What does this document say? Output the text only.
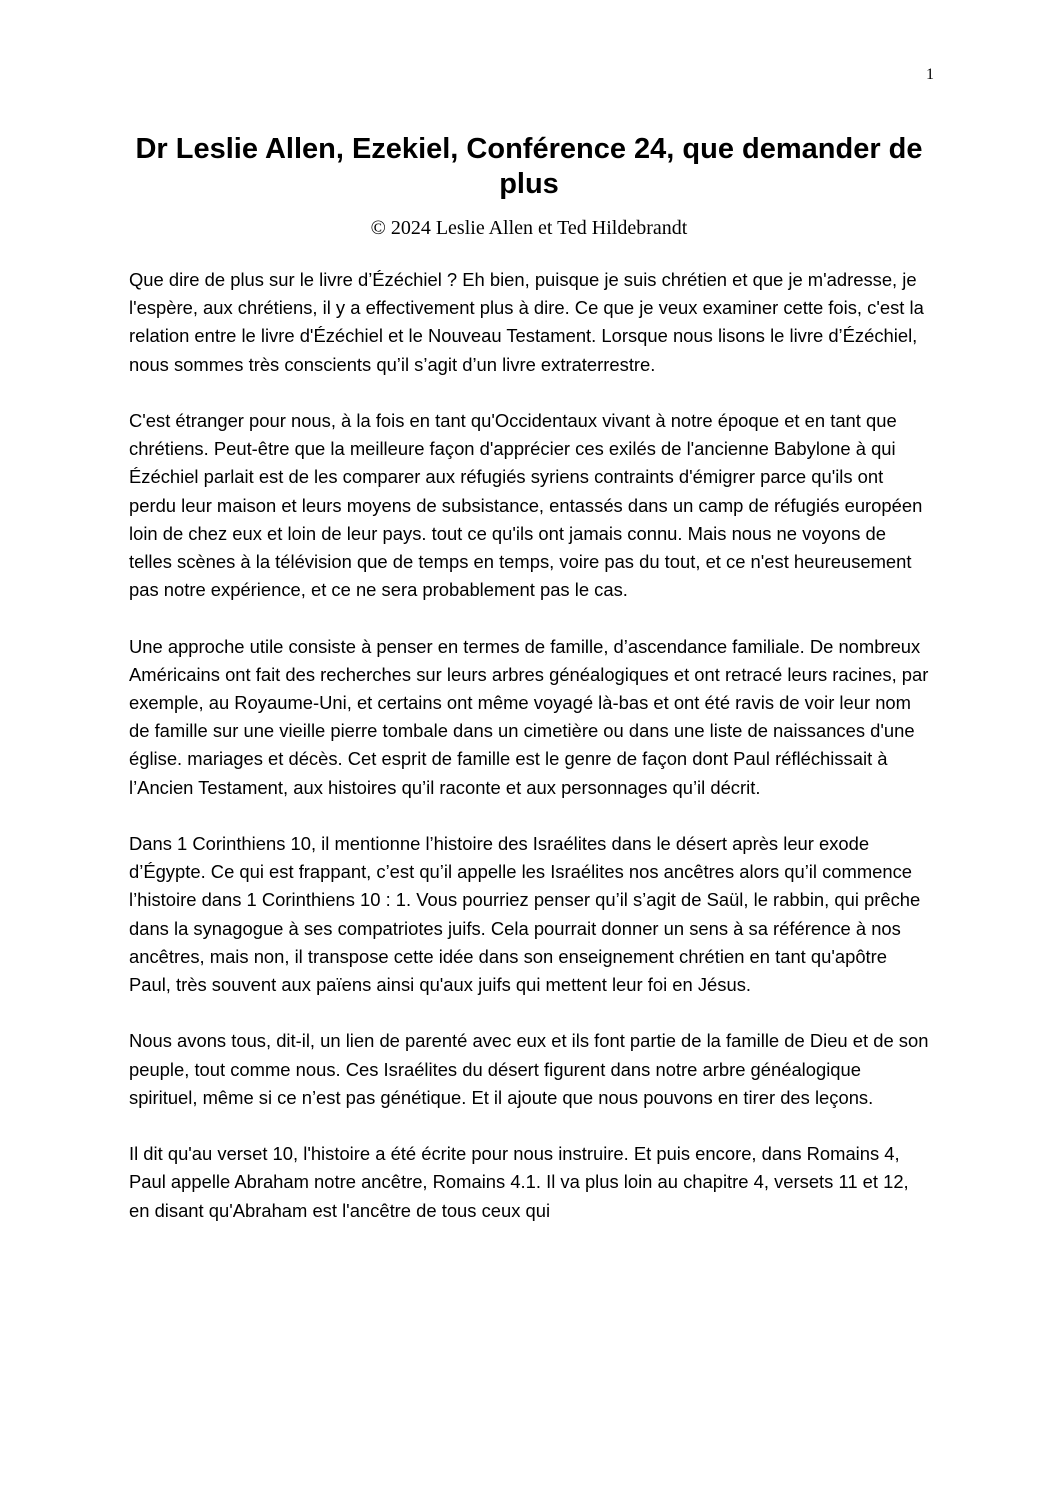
1
Dr Leslie Allen, Ezekiel, Conférence 24, que demander de plus
© 2024 Leslie Allen et Ted Hildebrandt

Que dire de plus sur le livre d’Ézéchiel ? Eh bien, puisque je suis chrétien et que je m'adresse, je l'espère, aux chrétiens, il y a effectivement plus à dire. Ce que je veux examiner cette fois, c'est la relation entre le livre d'Ézéchiel et le Nouveau Testament. Lorsque nous lisons le livre d’Ézéchiel, nous sommes très conscients qu’il s’agit d’un livre extraterrestre.

C'est étranger pour nous, à la fois en tant qu'Occidentaux vivant à notre époque et en tant que chrétiens. Peut-être que la meilleure façon d'apprécier ces exilés de l'ancienne Babylone à qui Ézéchiel parlait est de les comparer aux réfugiés syriens contraints d'émigrer parce qu'ils ont perdu leur maison et leurs moyens de subsistance, entassés dans un camp de réfugiés européen loin de chez eux et loin de leur pays. tout ce qu'ils ont jamais connu. Mais nous ne voyons de telles scènes à la télévision que de temps en temps, voire pas du tout, et ce n'est heureusement pas notre expérience, et ce ne sera probablement pas le cas.

Une approche utile consiste à penser en termes de famille, d’ascendance familiale. De nombreux Américains ont fait des recherches sur leurs arbres généalogiques et ont retracé leurs racines, par exemple, au Royaume-Uni, et certains ont même voyagé là-bas et ont été ravis de voir leur nom de famille sur une vieille pierre tombale dans un cimetière ou dans une liste de naissances d'une église. mariages et décès. Cet esprit de famille est le genre de façon dont Paul réfléchissait à l’Ancien Testament, aux histoires qu’il raconte et aux personnages qu’il décrit.

Dans 1 Corinthiens 10, il mentionne l’histoire des Israélites dans le désert après leur exode d’Égypte. Ce qui est frappant, c’est qu’il appelle les Israélites nos ancêtres alors qu’il commence l’histoire dans 1 Corinthiens 10 : 1. Vous pourriez penser qu’il s’agit de Saül, le rabbin, qui prêche dans la synagogue à ses compatriotes juifs. Cela pourrait donner un sens à sa référence à nos ancêtres, mais non, il transpose cette idée dans son enseignement chrétien en tant qu'apôtre Paul, très souvent aux païens ainsi qu'aux juifs qui mettent leur foi en Jésus.

Nous avons tous, dit-il, un lien de parenté avec eux et ils font partie de la famille de Dieu et de son peuple, tout comme nous. Ces Israélites du désert figurent dans notre arbre généalogique spirituel, même si ce n’est pas génétique. Et il ajoute que nous pouvons en tirer des leçons.

Il dit qu'au verset 10, l'histoire a été écrite pour nous instruire. Et puis encore, dans Romains 4, Paul appelle Abraham notre ancêtre, Romains 4.1. Il va plus loin au chapitre 4, versets 11 et 12, en disant qu'Abraham est l'ancêtre de tous ceux qui
